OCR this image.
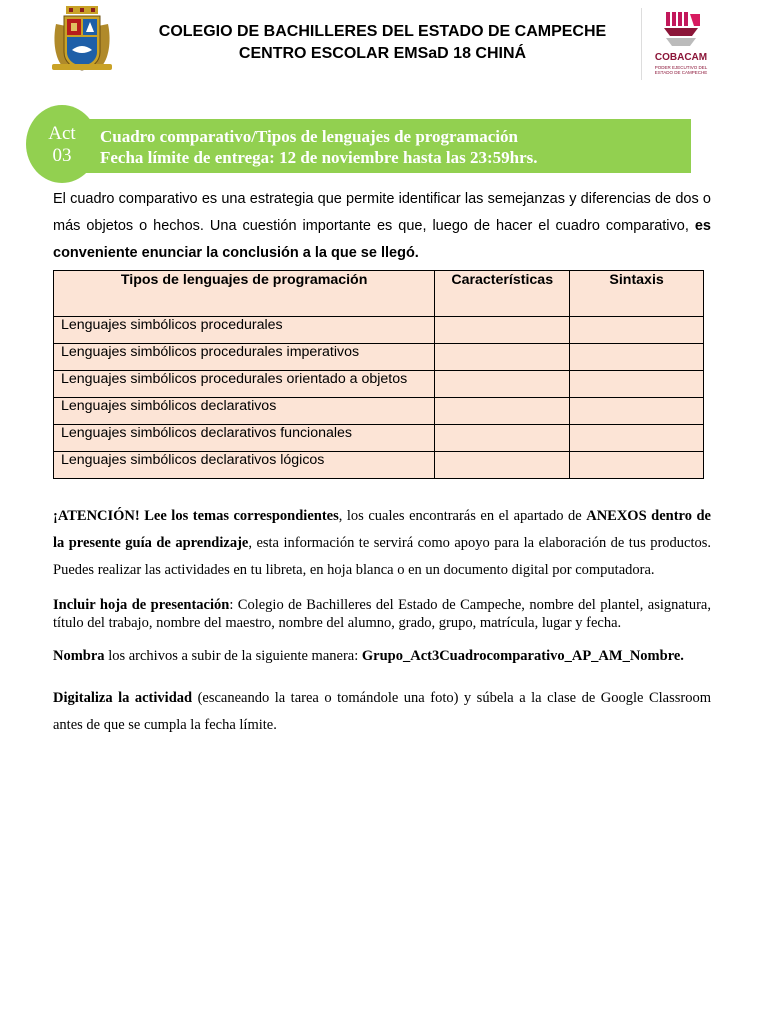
COLEGIO DE BACHILLERES DEL ESTADO DE CAMPECHE
CENTRO ESCOLAR EMSaD 18 CHINÁ	COBACAM
PODER EJECUTIVO DEL ESTADO DE CAMPECHE
Act
03
Cuadro comparativo/Tipos de lenguajes de programación
Fecha límite de entrega: 12 de noviembre hasta las 23:59hrs.
El cuadro comparativo es una estrategia que permite identificar las semejanzas y diferencias de dos o más objetos o hechos. Una cuestión importante es que, luego de hacer el cuadro comparativo, es conveniente enunciar la conclusión a la que se llegó.
Tipos de lenguajes de programación	Características	Sintaxis
Lenguajes simbólicos procedurales		
Lenguajes simbólicos procedurales imperativos		
Lenguajes simbólicos procedurales orientado a objetos		
Lenguajes simbólicos declarativos		
Lenguajes simbólicos declarativos funcionales		
Lenguajes simbólicos declarativos lógicos		
¡ATENCIÓN! Lee los temas correspondientes, los cuales encontrarás en el apartado de ANEXOS dentro de la presente guía de aprendizaje, esta información te servirá como apoyo para la elaboración de tus productos. Puedes realizar las actividades en tu libreta, en hoja blanca o en un documento digital por computadora.
Incluir hoja de presentación: Colegio de Bachilleres del Estado de Campeche, nombre del plantel, asignatura, título del trabajo, nombre del maestro, nombre del alumno, grado, grupo, matrícula, lugar y fecha.
Nombra los archivos a subir de la siguiente manera: Grupo_Act3Cuadrocomparativo_AP_AM_Nombre.
Digitaliza la actividad (escaneando la tarea o tomándole una foto) y súbela a la clase de Google Classroom antes de que se cumpla la fecha límite.
